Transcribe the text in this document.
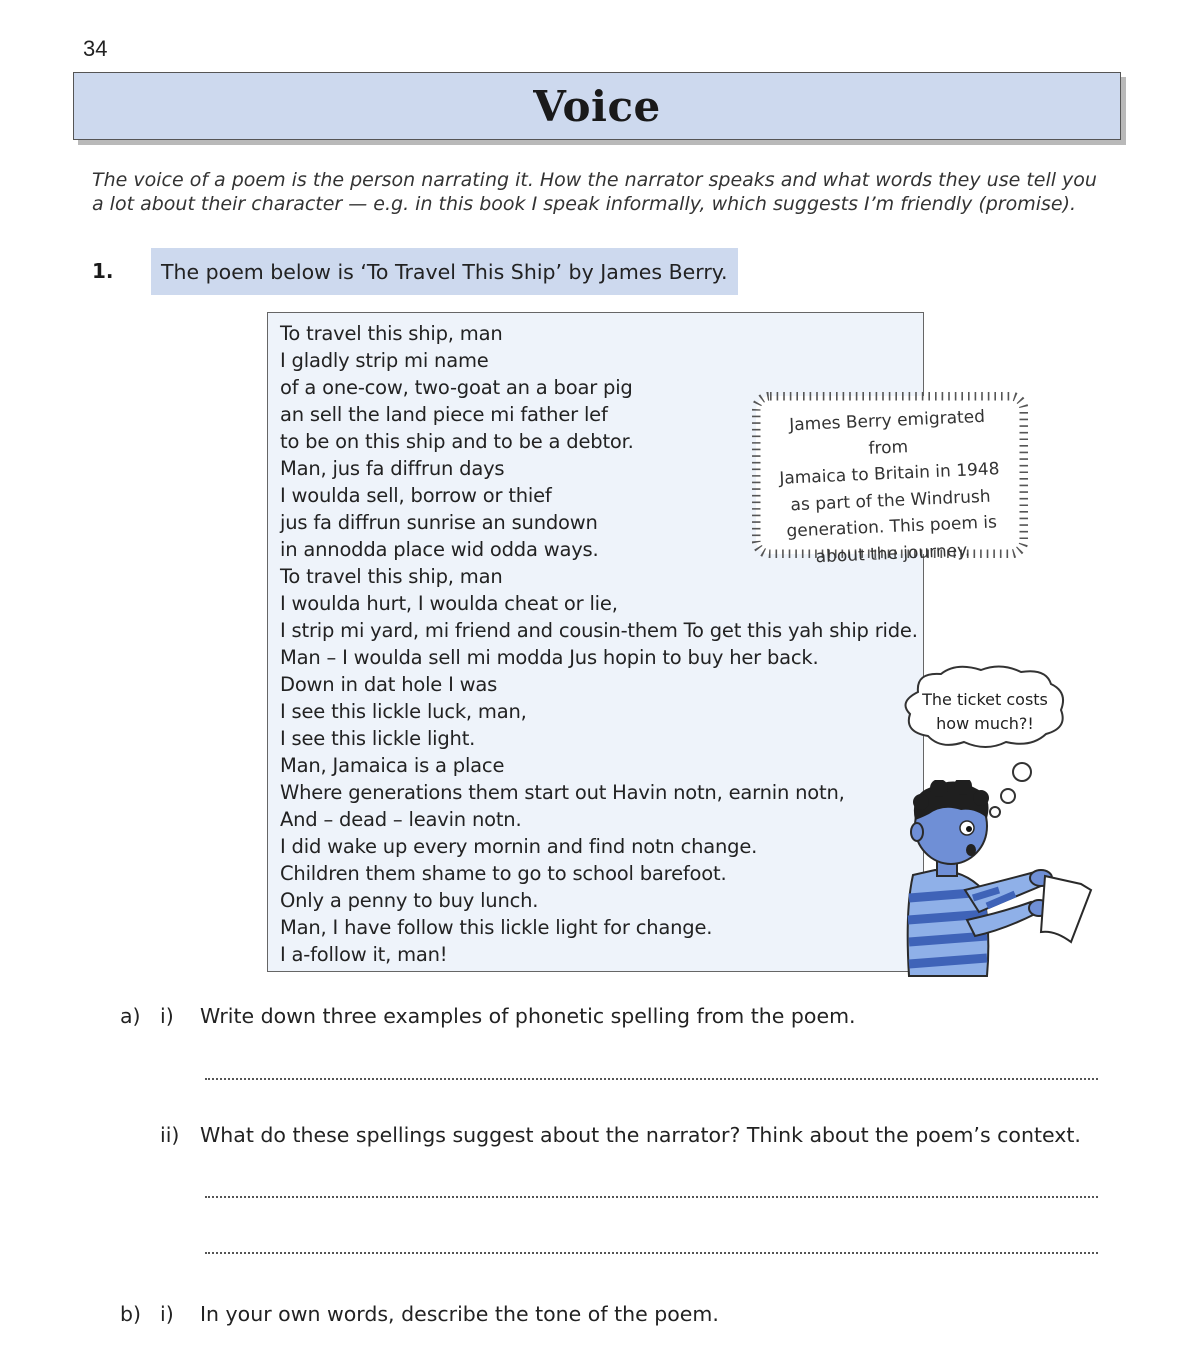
34
Voice
The voice of a poem is the person narrating it. How the narrator speaks and what words they use tell you
a lot about their character — e.g. in this book I speak informally, which suggests I’m friendly (promise).
1.	The poem below is ‘To Travel This Ship’ by James Berry.
To travel this ship, man
I gladly strip mi name
of a one-cow, two-goat an a boar pig
an sell the land piece mi father lef
to be on this ship and to be a debtor.
Man, jus fa diffrun days
I woulda sell, borrow or thief
jus fa diffrun sunrise an sundown
in annodda place wid odda ways.
To travel this ship, man
I woulda hurt, I woulda cheat or lie,
I strip mi yard, mi friend and cousin-them To get this yah ship ride.
Man – I woulda sell mi modda Jus hopin to buy her back.
Down in dat hole I was
I see this lickle luck, man,
I see this lickle light.
Man, Jamaica is a place
Where generations them start out Havin notn, earnin notn,
And – dead – leavin notn.
I did wake up every mornin and find notn change.
Children them shame to go to school barefoot.
Only a penny to buy lunch.
Man, I have follow this lickle light for change.
I a-follow it, man!
James Berry emigrated from
Jamaica to Britain in 1948
as part of the Windrush
generation. This poem is
about the journey.
The ticket costs
how much?!
a) i) Write down three examples of phonetic spelling from the poem.
ii) What do these spellings suggest about the narrator? Think about the poem’s context.
b) i) In your own words, describe the tone of the poem.
